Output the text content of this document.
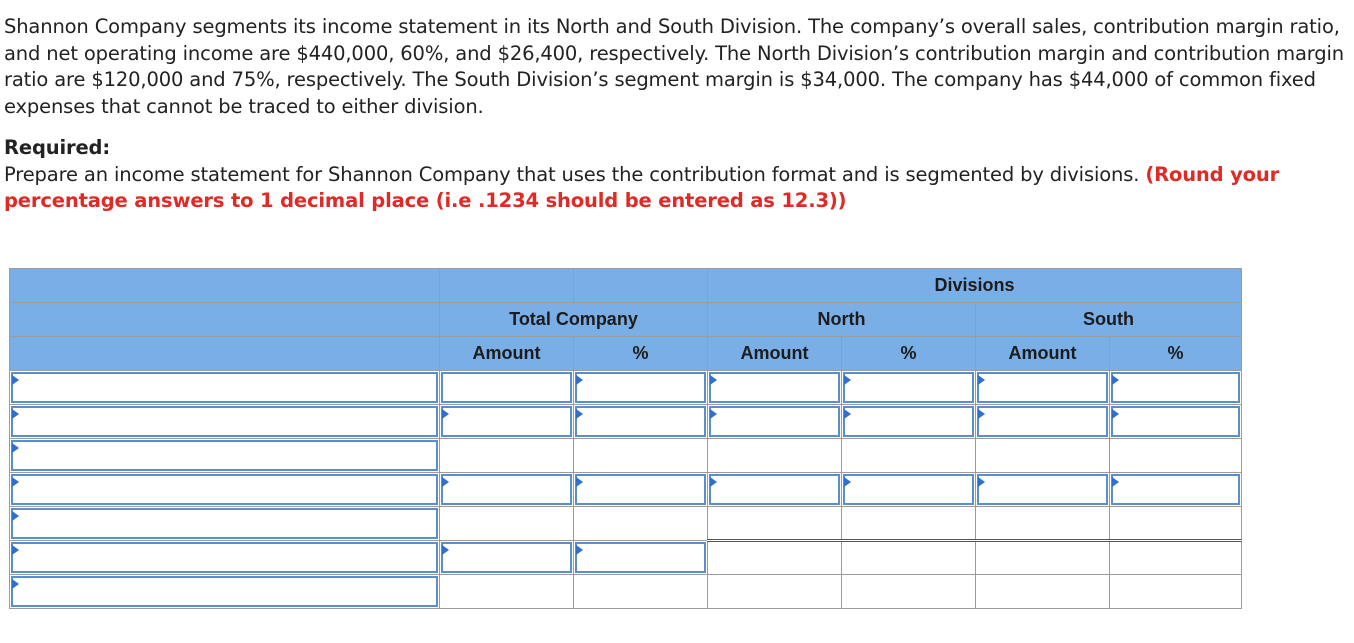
Shannon Company segments its income statement in its North and South Division. The company’s overall sales, contribution margin ratio, and net operating income are $440,000, 60%, and $26,400, respectively. The North Division’s contribution margin and contribution margin ratio are $120,000 and 75%, respectively. The South Division’s segment margin is $34,000. The company has $44,000 of common fixed expenses that cannot be traced to either division.

Required:

Prepare an income statement for Shannon Company that uses the contribution format and is segmented by divisions. (Round your percentage answers to 1 decimal place (i.e .1234 should be entered as 12.3))

			Divisions			
	Total Company		North		South	
	Amount	%	Amount	%	Amount	%
